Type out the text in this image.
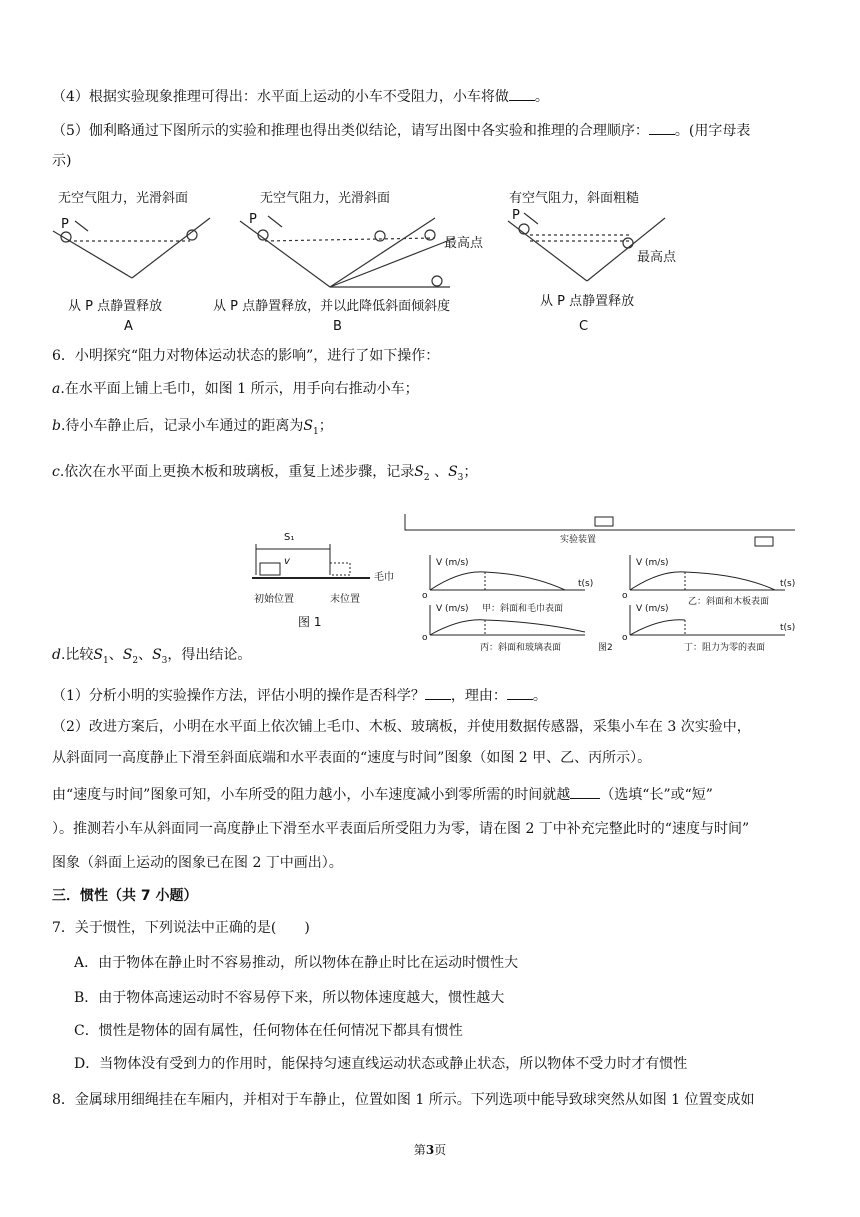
（4）根据实验现象推理可得出：水平面上运动的小车不受阻力，小车将做 。
（5）伽利略通过下图所示的实验和推理也得出类似结论，请写出图中各实验和推理的合理顺序： 。(用字母表
示)
无空气阻力，光滑斜面
P
从 P 点静置释放
A
无空气阻力，光滑斜面
P
最高点
从 P 点静置释放，并以此降低斜面倾斜度
B
有空气阻力，斜面粗糙
P
最高点
从 P 点静置释放
C
6．小明探究“阻力对物体运动状态的影响”，进行了如下操作：
a.在水平面上铺上毛巾，如图 1 所示，用手向右推动小车；
b.待小车静止后，记录小车通过的距离为$S_1$；
c.依次在水平面上更换木板和玻璃板，重复上述步骤，记录$S_2$ 、$S_3$；
S₁
v
毛巾
初始位置	末位置
图 1
实验装置
V (m/s)
t(s)
o
V (m/s)
t(s)
o
V (m/s) 甲：斜面和毛巾表面
o
乙：斜面和木板表面
V (m/s)
t(s)
o
丙：斜面和玻璃表面	图2	丁：阻力为零的表面
d.比较$S_1$、$S_2$、$S_3$，得出结论。
（1）分析小明的实验操作方法，评估小明的操作是否科学？ ，理由： 。
（2）改进方案后，小明在水平面上依次铺上毛巾、木板、玻璃板，并使用数据传感器，采集小车在 3 次实验中，
从斜面同一高度静止下滑至斜面底端和水平表面的“速度与时间”图象（如图 2 甲、乙、丙所示）。
由“速度与时间”图象可知，小车所受的阻力越小，小车速度减小到零所需的时间就越 （选填“长”或“短”
）。推测若小车从斜面同一高度静止下滑至水平表面后所受阻力为零，请在图 2 丁中补充完整此时的“速度与时间”
图象（斜面上运动的图象已在图 2 丁中画出）。
三．惯性（共 7 小题）
7．关于惯性，下列说法中正确的是(　　)
A．由于物体在静止时不容易推动，所以物体在静止时比在运动时惯性大
B．由于物体高速运动时不容易停下来，所以物体速度越大，惯性越大
C．惯性是物体的固有属性，任何物体在任何情况下都具有惯性
D．当物体没有受到力的作用时，能保持匀速直线运动状态或静止状态，所以物体不受力时才有惯性
8．金属球用细绳挂在车厢内，并相对于车静止，位置如图 1 所示。下列选项中能导致球突然从如图 1 位置变成如
第3页
